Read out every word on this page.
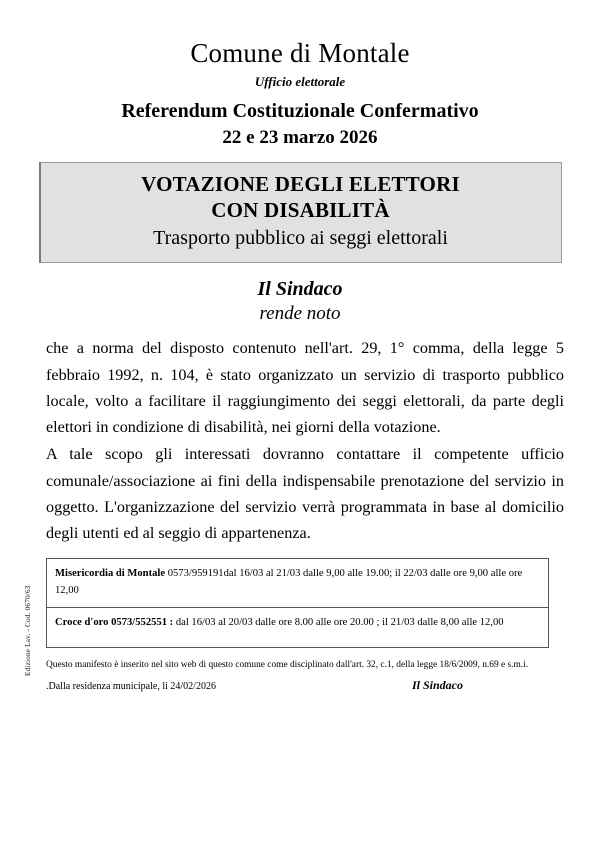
Comune di Montale
Ufficio elettorale
Referendum Costituzionale Confermativo
22 e 23 marzo 2026
VOTAZIONE DEGLI ELETTORI
CON DISABILITÀ
Trasporto pubblico ai seggi elettorali
Il Sindaco
rende noto

che a norma del disposto contenuto nell'art. 29, 1° comma, della legge 5 febbraio 1992, n. 104, è stato organizzato un servizio di trasporto pubblico locale, volto a facilitare il raggiungimento dei seggi elettorali, da parte degli elettori in condizione di disabilità, nei giorni della votazione.

A tale scopo gli interessati dovranno contattare il competente ufficio comunale/associazione ai fini della indispensabile prenotazione del servizio in oggetto. L'organizzazione del servizio verrà programmata in base al domicilio degli utenti ed al seggio di appartenenza.

Misericordia di Montale 0573/959191dal 16/03 al 21/03 dalle 9,00 alle 19.00; il 22/03 dalle ore 9,00 alle ore 12,00
Croce d'oro 0573/552551 : dal 16/03 al 20/03 dalle ore 8.00 alle ore 20.00 ; il 21/03 dalle 8,00 alle 12,00
Questo manifesto è inserito nel sito web di questo comune come disciplinato dall'art. 32, c.1, della legge 18/6/2009, n.69 e s.m.i.
.Dalla residenza municipale, li 24/02/2026	Il Sindaco
Edizione Lav. - Cod. 0670/63
